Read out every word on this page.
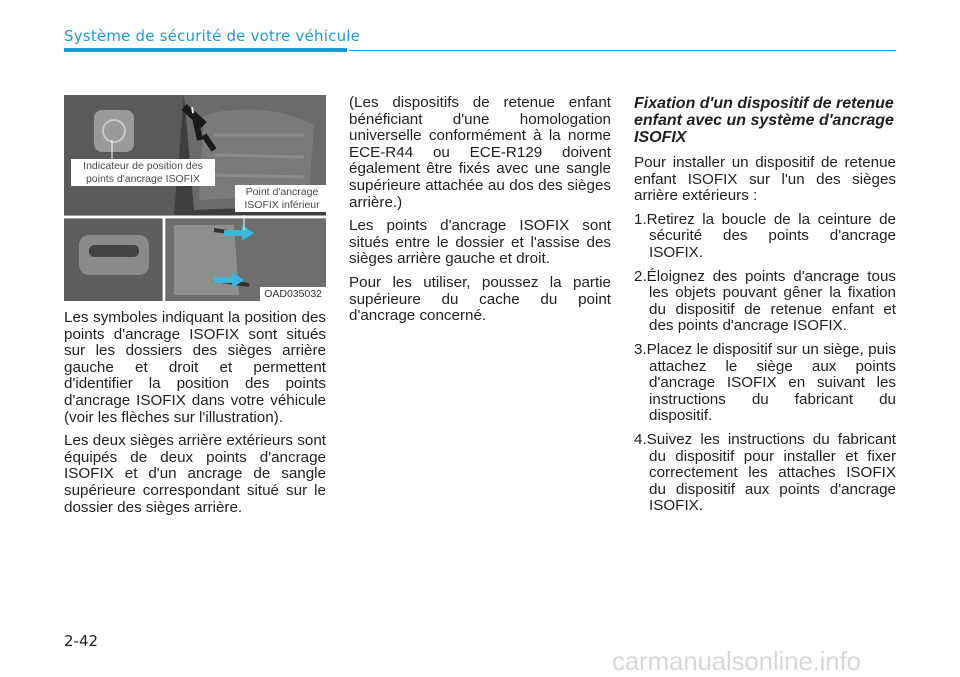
Système de sécurité de votre véhicule
Indicateur de position des points d'ancrage ISOFIX
Point d'ancrage ISOFIX inférieur
OAD035032

Les symboles indiquant la position des points d'ancrage ISOFIX sont situés sur les dossiers des sièges arrière gauche et droit et permettent d'identifier la position des points d'ancrage ISOFIX dans votre véhicule (voir les flèches sur l'illustration).

Les deux sièges arrière extérieurs sont équipés de deux points d'ancrage ISOFIX et d'un ancrage de sangle supérieure correspondant situé sur le dossier des sièges arrière.

(Les dispositifs de retenue enfant bénéficiant d'une homologation universelle conformément à la norme ECE-R44 ou ECE-R129 doivent également être fixés avec une sangle supérieure attachée au dos des sièges arrière.)

Les points d'ancrage ISOFIX sont situés entre le dossier et l'assise des sièges arrière gauche et droit.

Pour les utiliser, poussez la partie supérieure du cache du point d'ancrage concerné.

Fixation d'un dispositif de retenue enfant avec un système d'ancrage ISOFIX

Pour installer un dispositif de retenue enfant ISOFIX sur l'un des sièges arrière extérieurs :

1.Retirez la boucle de la ceinture de sécurité des points d'ancrage ISOFIX.
2.Éloignez des points d'ancrage tous les objets pouvant gêner la fixation du dispositif de retenue enfant et des points d'ancrage ISOFIX.
3.Placez le dispositif sur un siège, puis attachez le siège aux points d'ancrage ISOFIX en suivant les instructions du fabricant du dispositif.
4.Suivez les instructions du fabricant du dispositif pour installer et fixer correctement les attaches ISOFIX du dispositif aux points d'ancrage ISOFIX.
2-42
carmanualsonline.info
